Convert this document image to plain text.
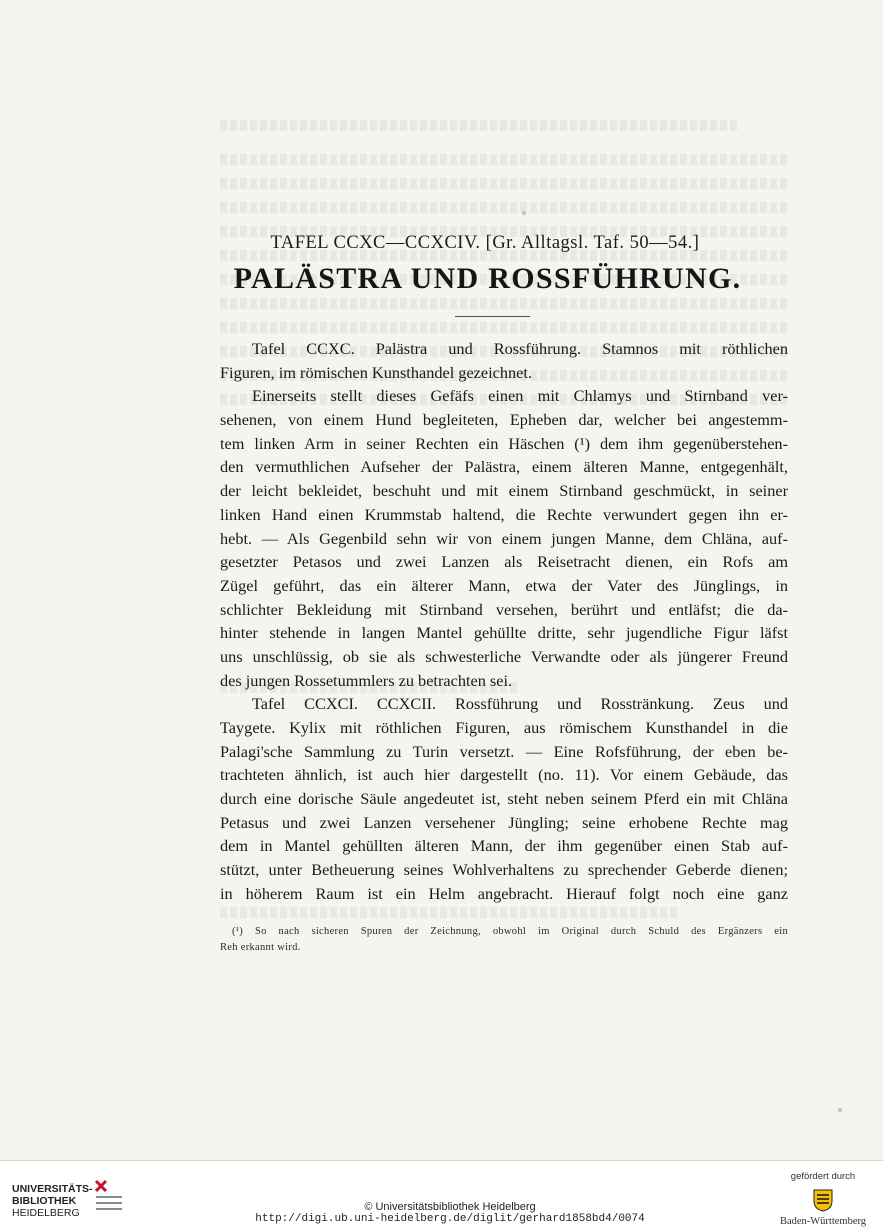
TAFEL CCXC—CCXCIV. [Gr. Alltagsl. Taf. 50—54.]
PALÄSTRA UND ROSSFÜHRUNG.
Tafel CCXC. Palästra und Rossführung. Stamnos mit röthlichen
Figuren, im römischen Kunsthandel gezeichnet.
Einerseits stellt dieses Gefäfs einen mit Chlamys und Stirnband ver-
sehenen, von einem Hund begleiteten, Epheben dar, welcher bei angestemm-
tem linken Arm in seiner Rechten ein Häschen (¹) dem ihm gegenüberstehen-
den vermuthlichen Aufseher der Palästra, einem älteren Manne, entgegenhält,
der leicht bekleidet, beschuht und mit einem Stirnband geschmückt, in seiner
linken Hand einen Krummstab haltend, die Rechte verwundert gegen ihn er-
hebt. — Als Gegenbild sehn wir von einem jungen Manne, dem Chläna, auf-
gesetzter Petasos und zwei Lanzen als Reisetracht dienen, ein Rofs am
Zügel geführt, das ein älterer Mann, etwa der Vater des Jünglings, in
schlichter Bekleidung mit Stirnband versehen, berührt und entläfst; die da-
hinter stehende in langen Mantel gehüllte dritte, sehr jugendliche Figur läfst
uns unschlüssig, ob sie als schwesterliche Verwandte oder als jüngerer Freund
des jungen Rossetummlers zu betrachten sei.
Tafel CCXCI. CCXCII. Rossführung und Rosstränkung. Zeus und
Taygete. Kylix mit röthlichen Figuren, aus römischem Kunsthandel in die
Palagi'sche Sammlung zu Turin versetzt. — Eine Rofsführung, der eben be-
trachteten ähnlich, ist auch hier dargestellt (no. 11). Vor einem Gebäude, das
durch eine dorische Säule angedeutet ist, steht neben seinem Pferd ein mit Chläna
Petasus und zwei Lanzen versehener Jüngling; seine erhobene Rechte mag
dem in Mantel gehüllten älteren Mann, der ihm gegenüber einen Stab auf-
stützt, unter Betheuerung seines Wohlverhaltens zu sprechender Geberde dienen;
in höherem Raum ist ein Helm angebracht. Hierauf folgt noch eine ganz
(¹) So nach sicheren Spuren der Zeichnung, obwohl im Original durch Schuld des Ergänzers ein
Reh erkannt wird.
UNIVERSITÄTS-
BIBLIOTHEK
HEIDELBERG	© Universitätsbibliothek Heidelberg
http://digi.ub.uni-heidelberg.de/diglit/gerhard1858bd4/0074
gefördert durch
Baden-Württemberg
